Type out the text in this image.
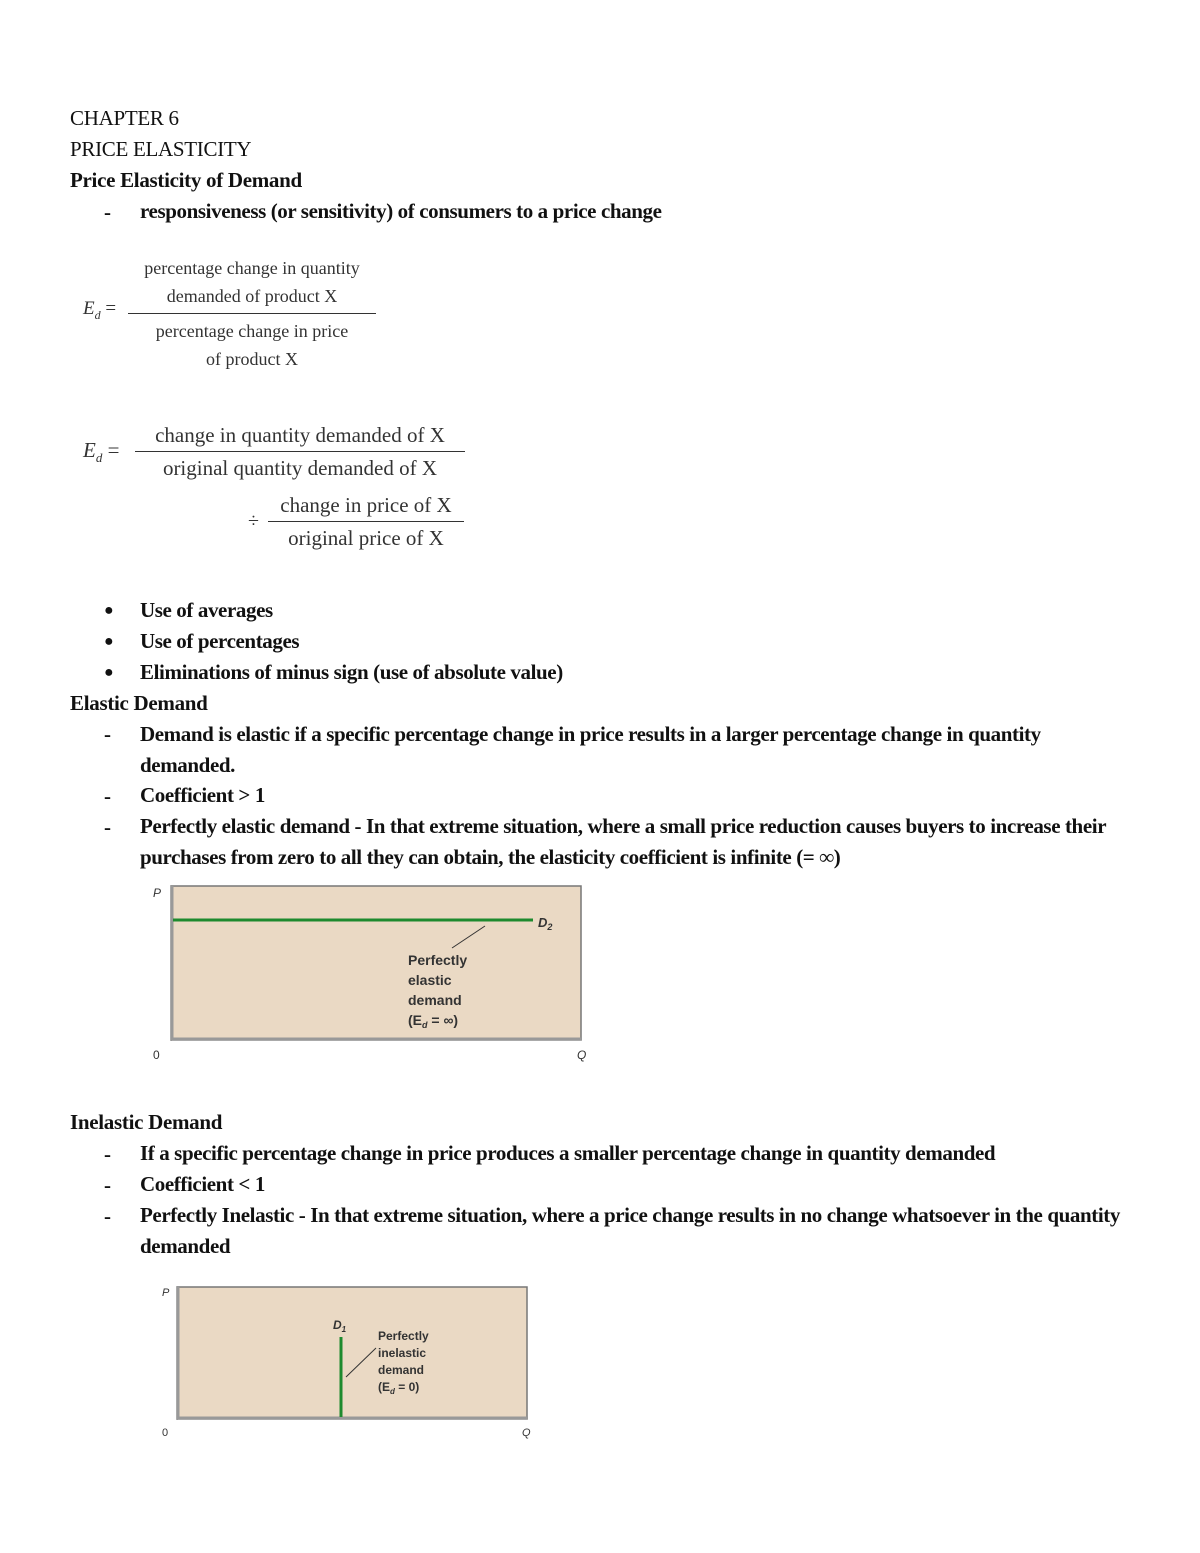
CHAPTER 6
PRICE ELASTICITY
Price Elasticity of Demand
- responsiveness (or sensitivity) of consumers to a price change
$E_d$ =
percentage change in quantity
demanded of product X
percentage change in price
of product X
$E_d$ =
change in quantity demanded of X
original quantity demanded of X
÷
change in price of X
original price of X
● Use of averages
● Use of percentages
● Eliminations of minus sign (use of absolute value)
Elastic Demand
- Demand is elastic if a specific percentage change in price results in a larger percentage change in quantity demanded.
- Coefficient > 1
- Perfectly elastic demand - In that extreme situation, where a small price reduction causes buyers to increase their purchases from zero to all they can obtain, the elasticity coefficient is infinite (= ∞)
P
0	Q
$D_2$
Perfectly
elastic
demand
($E_d$ = ∞)
Inelastic Demand
- If a specific percentage change in price produces a smaller percentage change in quantity demanded
- Coefficient < 1
- Perfectly Inelastic - In that extreme situation, where a price change results in no change whatsoever in the quantity demanded
P
0	Q
$D_1$	Perfectly
inelastic
demand
$(E_d = 0)$
